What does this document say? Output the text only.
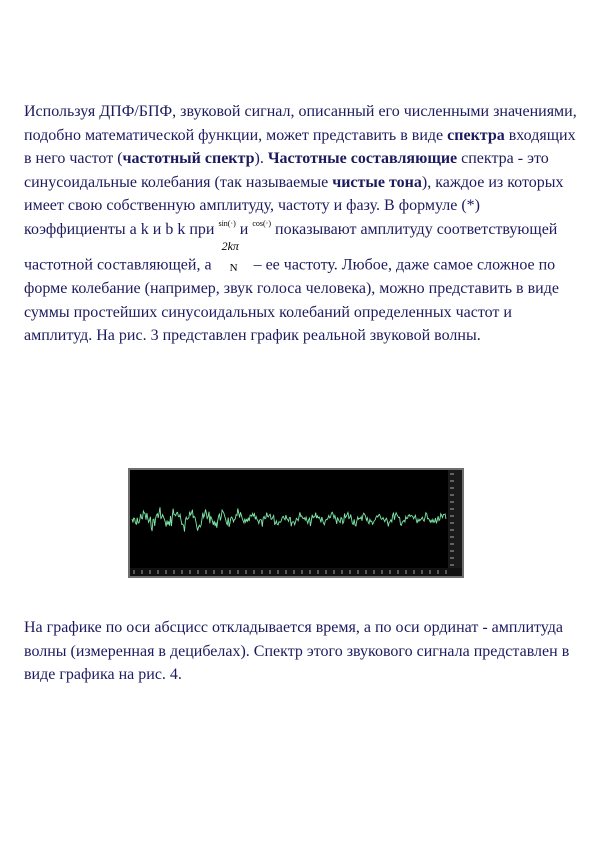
Используя ДПФ/БПФ, звуковой сигнал, описанный его численными значениями, подобно математической функции, может представить в виде спектра входящих в него частот (частотный спектр). Частотные составляющие спектра - это синусоидальные колебания (так называемые чистые тона), каждое из которых имеет свою собственную амплитуду, частоту и фазу. В формуле (*) коэффициенты a k и b k при sin(·) и cos(·) показывают амплитуду соответствующей частотной составляющей, а
2kπ
N – ее частоту. Любое, даже самое сложное по форме колебание (например, звук голоса человека), можно представить в виде суммы простейших синусоидальных колебаний определенных частот и амплитуд. На рис. 3 представлен график реальной звуковой волны.

На графике по оси абсцисс откладывается время, а по оси ординат - амплитуда волны (измеренная в децибелах). Спектр этого звукового сигнала представлен в виде графика на рис. 4.
